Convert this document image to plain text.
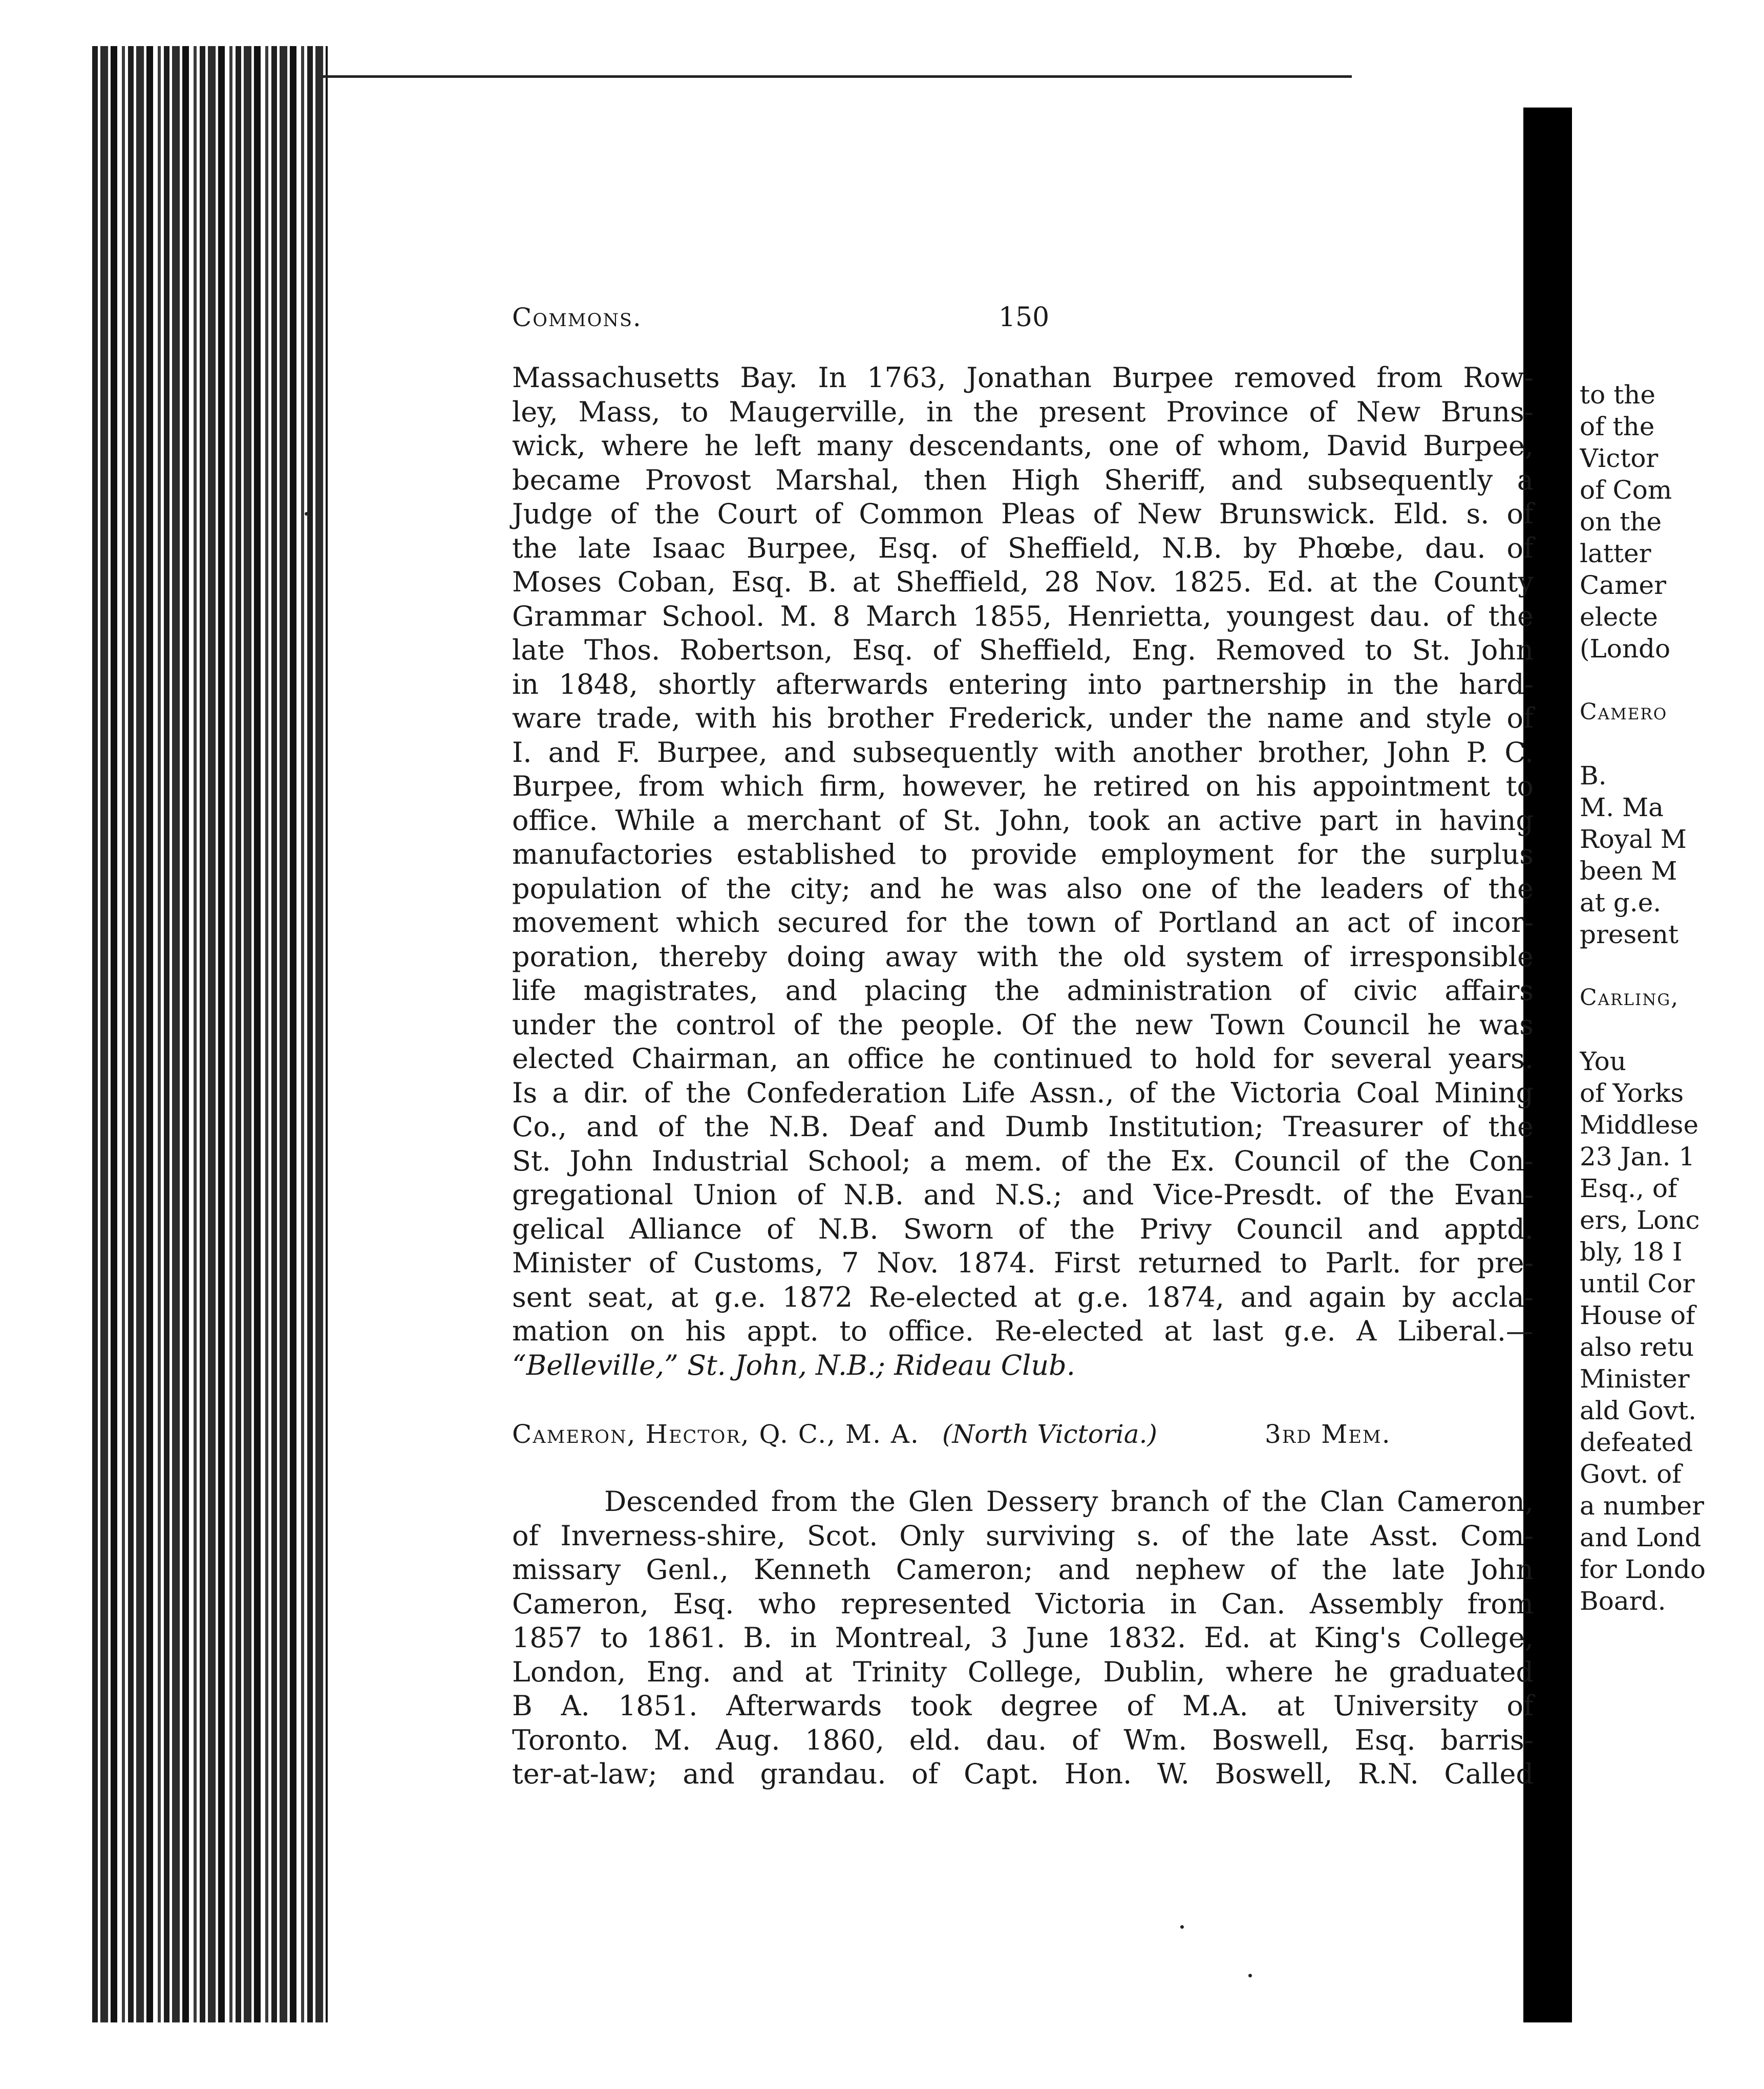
Commons.	150

Massachusetts Bay. In 1763, Jonathan Burpee removed from Row-
ley, Mass, to Maugerville, in the present Province of New Bruns-
wick, where he left many descendants, one of whom, David Burpee,
became Provost Marshal, then High Sheriff, and subsequently a
Judge of the Court of Common Pleas of New Brunswick. Eld. s. of
the late Isaac Burpee, Esq. of Sheffield, N.B. by Phœbe, dau. of
Moses Coban, Esq. B. at Sheffield, 28 Nov. 1825. Ed. at the County
Grammar School. M. 8 March 1855, Henrietta, youngest dau. of the
late Thos. Robertson, Esq. of Sheffield, Eng. Removed to St. John
in 1848, shortly afterwards entering into partnership in the hard-
ware trade, with his brother Frederick, under the name and style of
I. and F. Burpee, and subsequently with another brother, John P. C.
Burpee, from which firm, however, he retired on his appointment to
office. While a merchant of St. John, took an active part in having
manufactories established to provide employment for the surplus
population of the city; and he was also one of the leaders of the
movement which secured for the town of Portland an act of incor-
poration, thereby doing away with the old system of irresponsible
life magistrates, and placing the administration of civic affairs
under the control of the people. Of the new Town Council he was
elected Chairman, an office he continued to hold for several years.
Is a dir. of the Confederation Life Assn., of the Victoria Coal Mining
Co., and of the N.B. Deaf and Dumb Institution; Treasurer of the
St. John Industrial School; a mem. of the Ex. Council of the Con-
gregational Union of N.B. and N.S.; and Vice-Presdt. of the Evan-
gelical Alliance of N.B. Sworn of the Privy Council and apptd.
Minister of Customs, 7 Nov. 1874. First returned to Parlt. for pre-
sent seat, at g.e. 1872 Re-elected at g.e. 1874, and again by accla-
mation on his appt. to office. Re-elected at last g.e. A Liberal.—

“Belleville,” St. John, N.B.; Rideau Club.

Cameron, Hector, Q. C., M. A. (North Victoria.)	3rd Mem.

Descended from the Glen Dessery branch of the Clan Cameron,
of Inverness-shire, Scot. Only surviving s. of the late Asst. Com-
missary Genl., Kenneth Cameron; and nephew of the late John
Cameron, Esq. who represented Victoria in Can. Assembly from
1857 to 1861. B. in Montreal, 3 June 1832. Ed. at King's College,
London, Eng. and at Trinity College, Dublin, where he graduated
B A. 1851. Afterwards took degree of M.A. at University of
Toronto. M. Aug. 1860, eld. dau. of Wm. Boswell, Esq. barris-
ter-at-law; and grandau. of Capt. Hon. W. Boswell, R.N. Called

to the
of the
Victor
of Com
on the
latter
Camer
electe
(Londo
Camero
B.
M. Ma
Royal M
been M
at g.e.
present
Carling,
You
of Yorks
Middlese
23 Jan. 1
Esq., of
ers, Lonc
bly, 18 I
until Cor
House of
also retu
Minister
ald Govt.
defeated
Govt. of
a number
and Lond
for Londo
Board.
